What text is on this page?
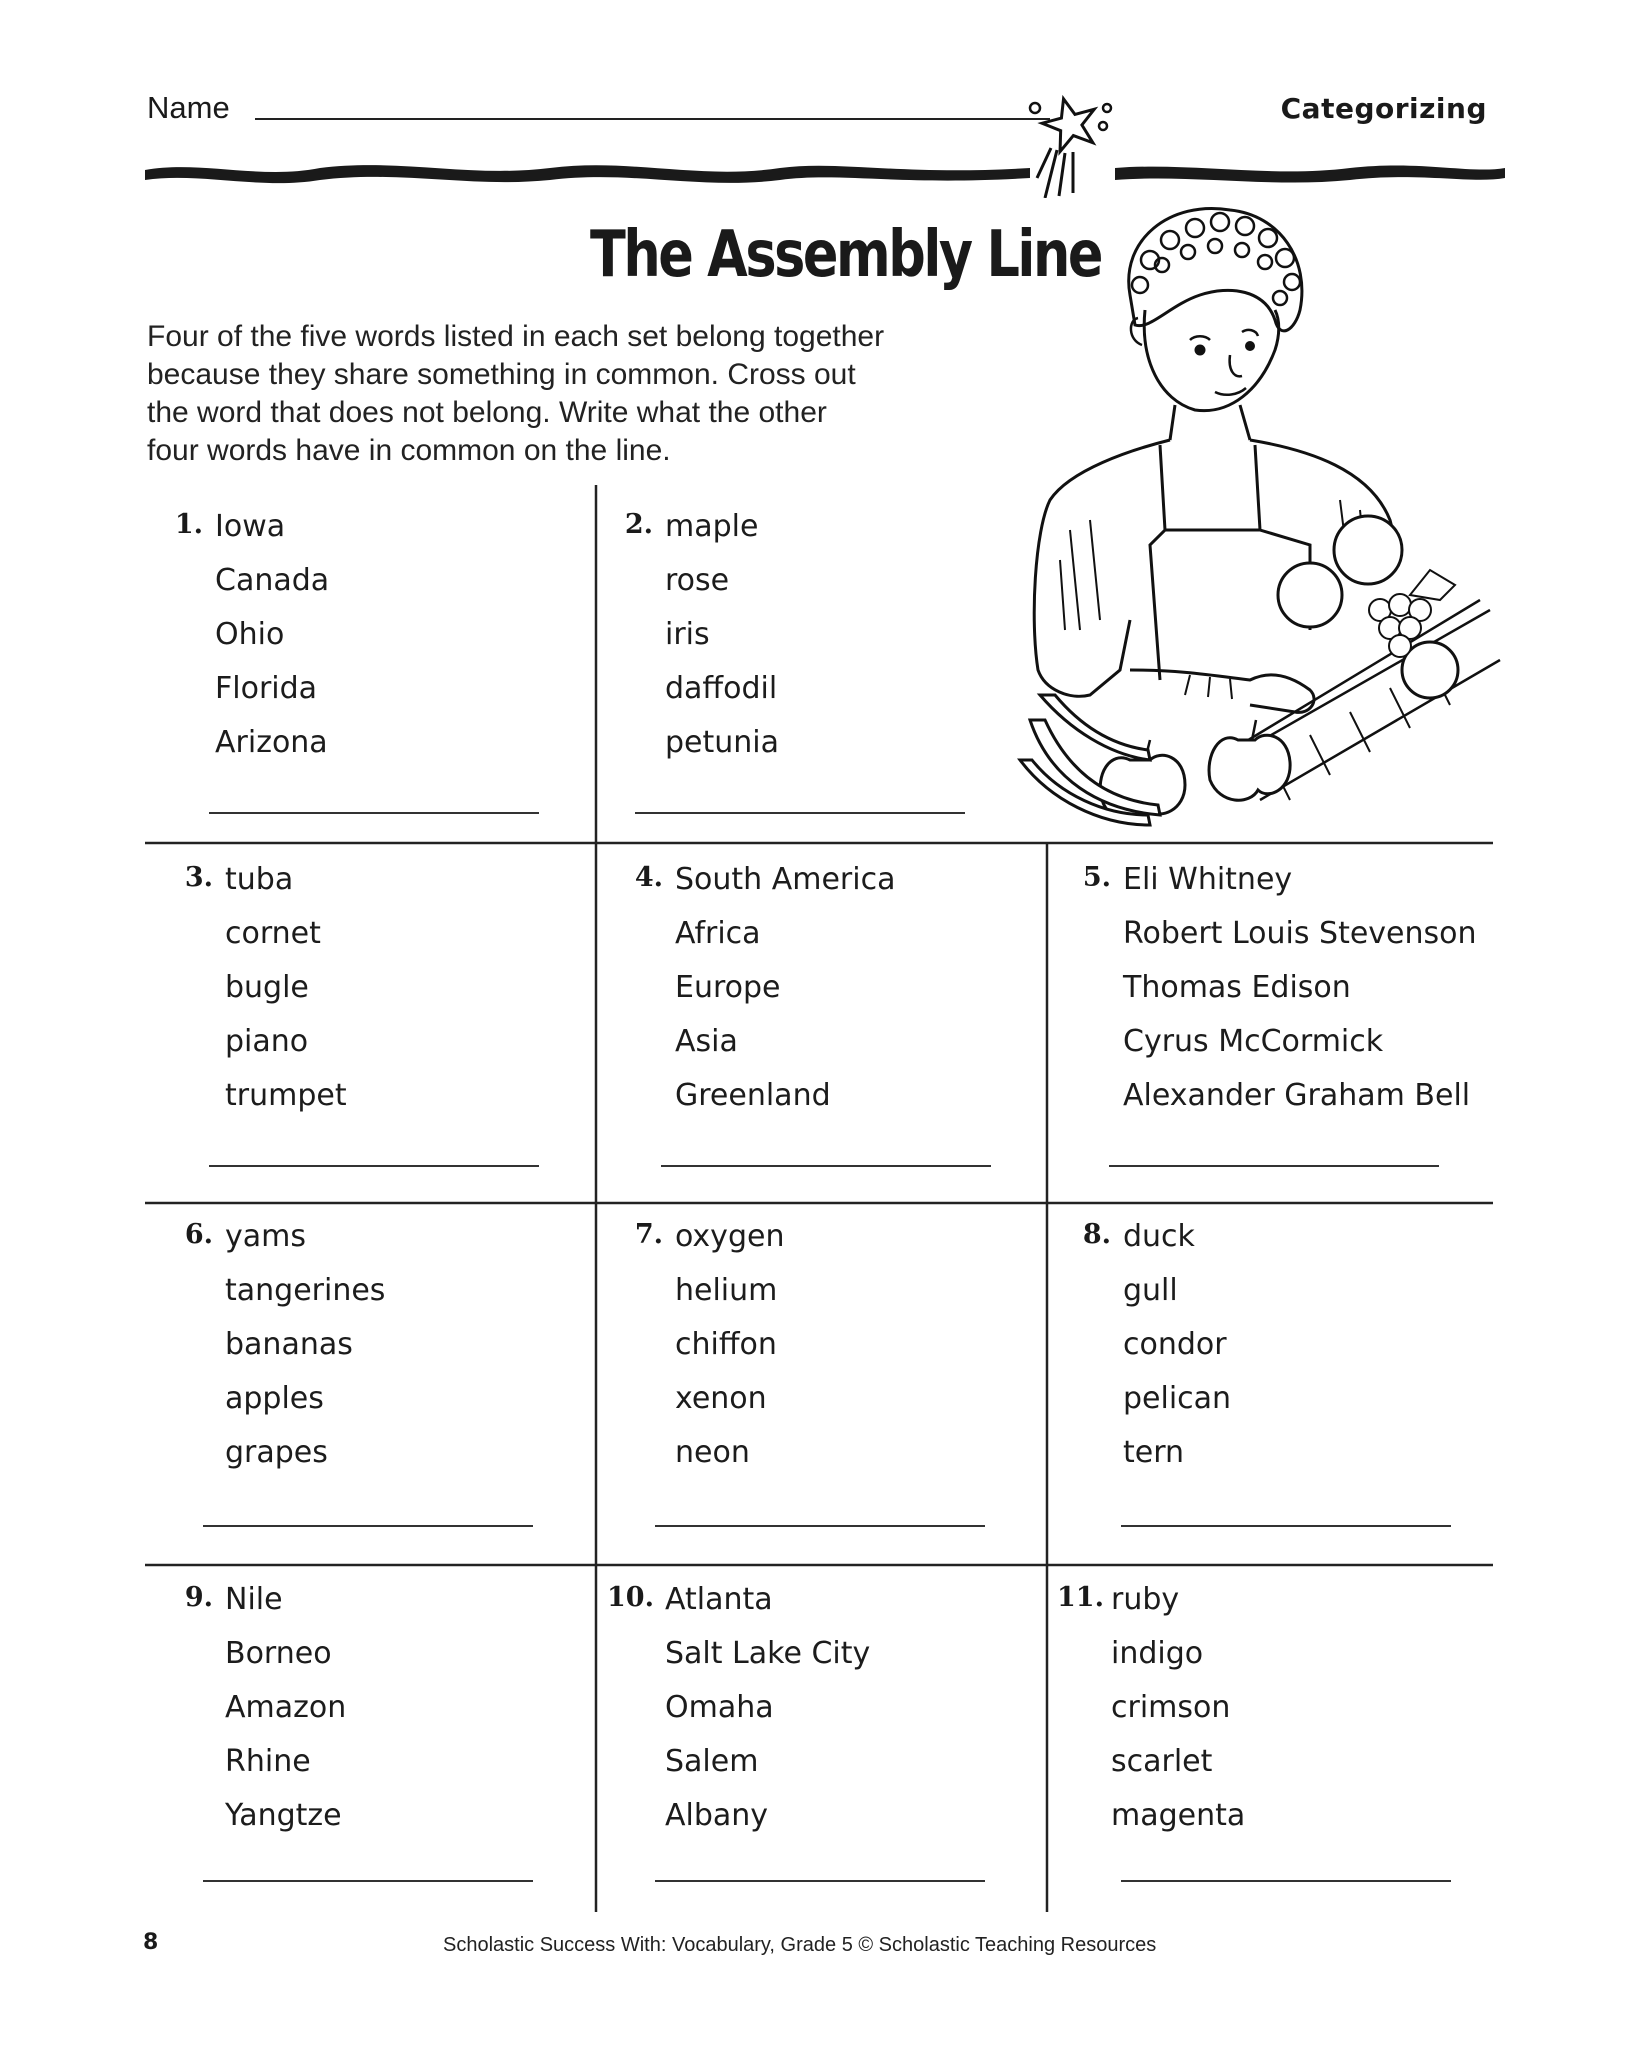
Name	Categorizing
The Assembly Line
Four of the five words listed in each set belong together
because they share something in common. Cross out
the word that does not belong. Write what the other
four words have in common on the line.
1. Iowa
Canada
Ohio
Florida
Arizona
2. maple
rose
iris
daffodil
petunia
3. tuba
cornet
bugle
piano
trumpet
4. South America
Africa
Europe
Asia
Greenland
5. Eli Whitney
Robert Louis Stevenson
Thomas Edison
Cyrus McCormick
Alexander Graham Bell
6. yams
tangerines
bananas
apples
grapes
7. oxygen
helium
chiffon
xenon
neon
8. duck
gull
condor
pelican
tern
9. Nile
Borneo
Amazon
Rhine
Yangtze
10. Atlanta
Salt Lake City
Omaha
Salem
Albany
11. ruby
indigo
crimson
scarlet
magenta
8	Scholastic Success With: Vocabulary, Grade 5 © Scholastic Teaching Resources
